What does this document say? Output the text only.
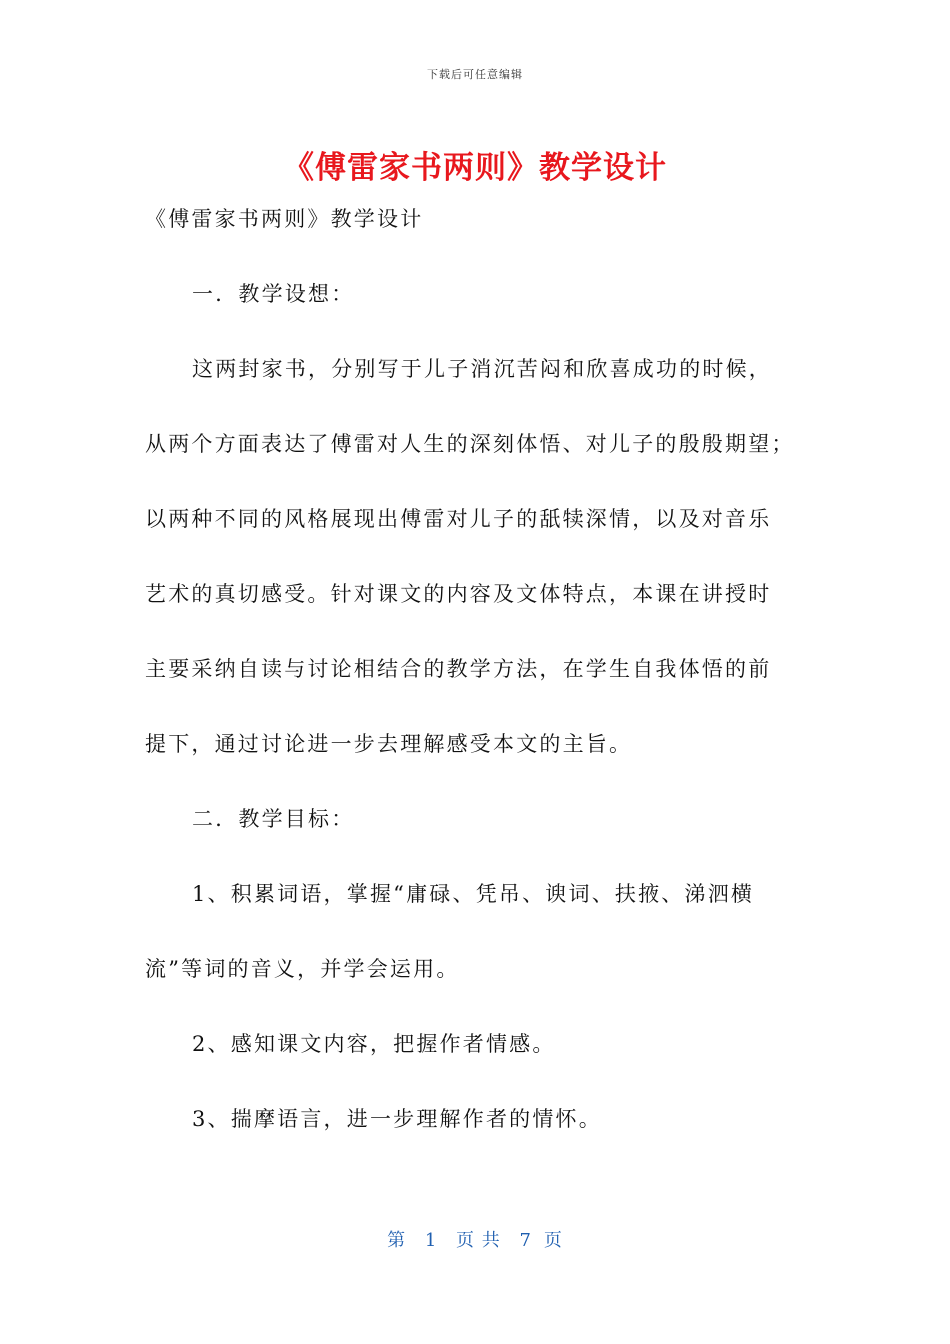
下载后可任意编辑
《傅雷家书两则》教学设计
《傅雷家书两则》教学设计
一．教学设想：
这两封家书，分别写于儿子消沉苦闷和欣喜成功的时候，
从两个方面表达了傅雷对人生的深刻体悟、对儿子的殷殷期望；
以两种不同的风格展现出傅雷对儿子的舐犊深情，以及对音乐
艺术的真切感受。针对课文的内容及文体特点，本课在讲授时
主要采纳自读与讨论相结合的教学方法，在学生自我体悟的前
提下，通过讨论进一步去理解感受本文的主旨。
二．教学目标：
1、积累词语，掌握“庸碌、凭吊、谀词、扶掖、涕泗横
流”等词的音义，并学会运用。
2、感知课文内容，把握作者情感。
3、揣摩语言，进一步理解作者的情怀。
第 1 页 共 7 页
